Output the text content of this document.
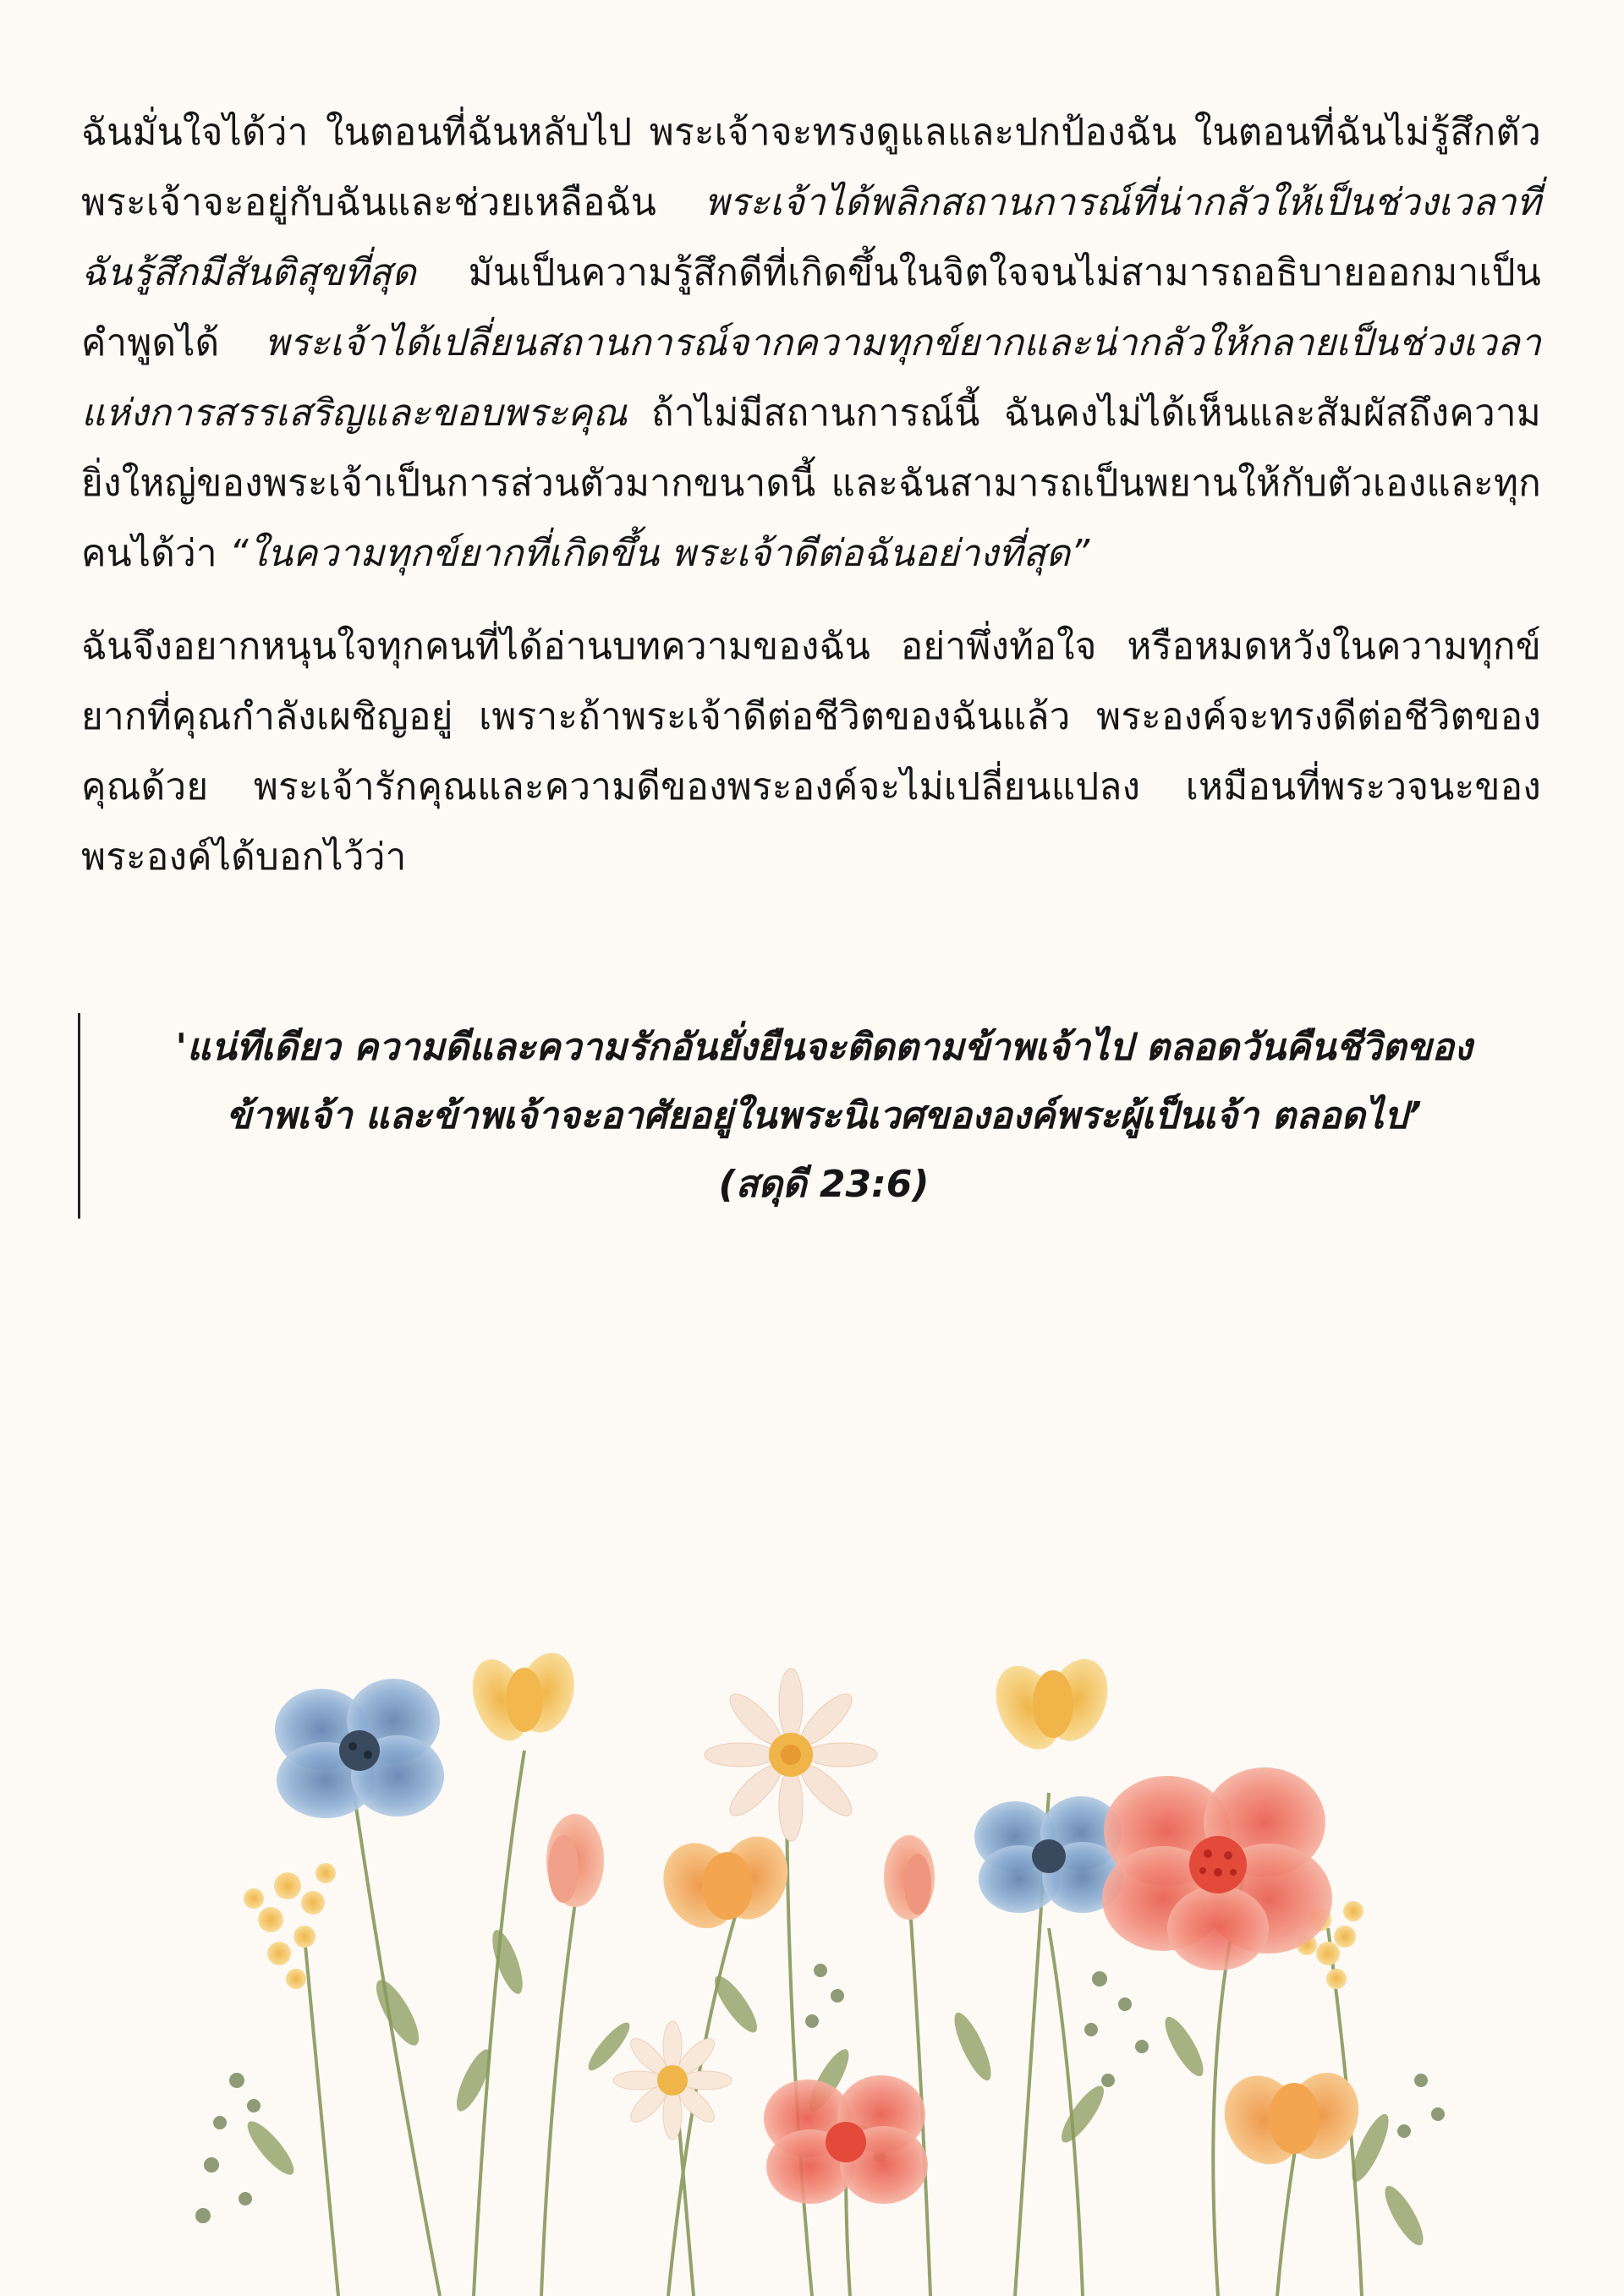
ฉันมั่นใจได้ว่า ในตอนที่ฉันหลับไป พระเจ้าจะทรงดูแลและปกป้องฉัน ในตอนที่ฉันไม่รู้สึกตัว พระเจ้าจะอยู่กับฉันและช่วยเหลือฉัน พระเจ้าได้พลิกสถานการณ์ที่น่ากลัวให้เป็นช่วงเวลาที่ฉันรู้สึกมีสันติสุขที่สุด มันเป็นความรู้สึกดีที่เกิดขึ้นในจิตใจจนไม่สามารถอธิบายออกมาเป็นคำพูดได้ พระเจ้าได้เปลี่ยนสถานการณ์จากความทุกข์ยากและน่ากลัวให้กลายเป็นช่วงเวลาแห่งการสรรเสริญและขอบพระคุณ ถ้าไม่มีสถานการณ์นี้ ฉันคงไม่ได้เห็นและสัมผัสถึงความยิ่งใหญ่ของพระเจ้าเป็นการส่วนตัวมากขนาดนี้ และฉันสามารถเป็นพยานให้กับตัวเองและทุกคนได้ว่า “ในความทุกข์ยากที่เกิดขึ้น พระเจ้าดีต่อฉันอย่างที่สุด”

ฉันจึงอยากหนุนใจทุกคนที่ได้อ่านบทความของฉัน อย่าพึ่งท้อใจ หรือหมดหวังในความทุกข์ยากที่คุณกำลังเผชิญอยู่ เพราะถ้าพระเจ้าดีต่อชีวิตของฉันแล้ว พระองค์จะทรงดีต่อชีวิตของคุณด้วย พระเจ้ารักคุณและความดีของพระองค์จะไม่เปลี่ยนแปลง เหมือนที่พระวจนะของพระองค์ได้บอกไว้ว่า

'แน่ทีเดียว ความดีและความรักอันยั่งยืนจะติดตามข้าพเจ้าไป ตลอดวันคืนชีวิตของ
ข้าพเจ้า และข้าพเจ้าจะอาศัยอยู่ในพระนิเวศขององค์พระผู้เป็นเจ้า ตลอดไป’
(สดุดี 23:6)
